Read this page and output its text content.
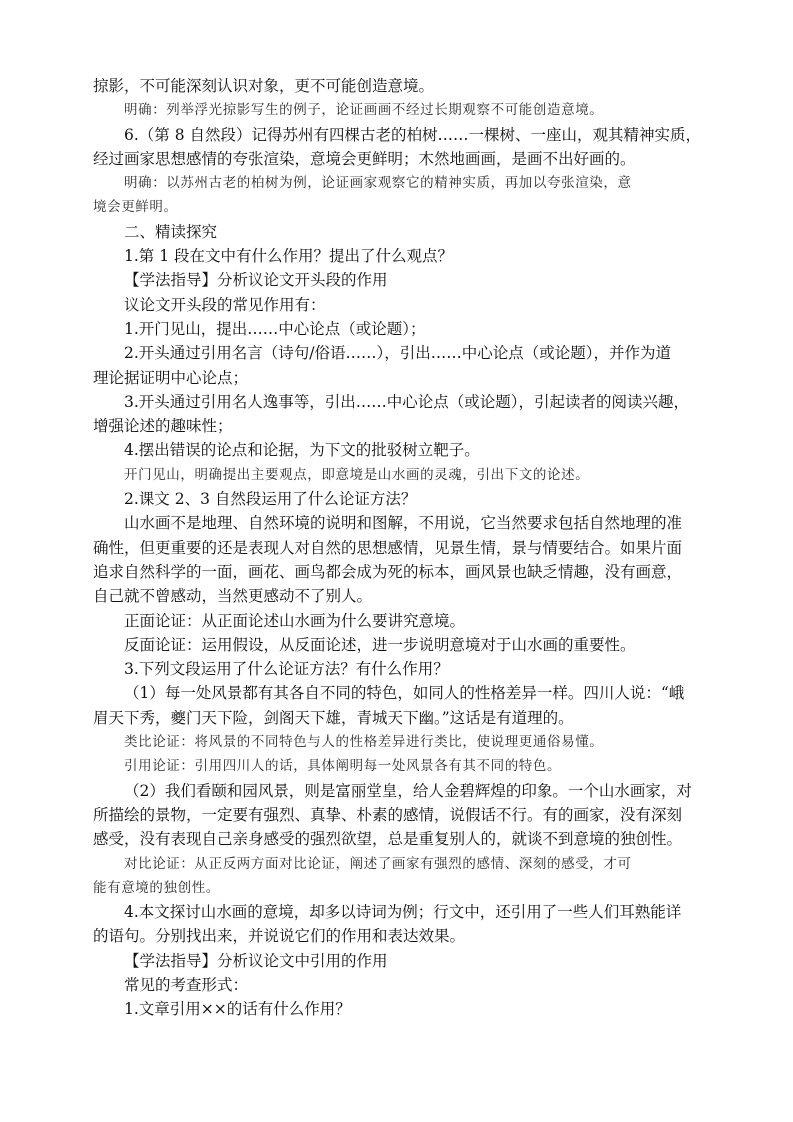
掠影，不可能深刻认识对象，更不可能创造意境。
明确：列举浮光掠影写生的例子，论证画画不经过长期观察不可能创造意境。
6.（第 8 自然段）记得苏州有四棵古老的柏树……一棵树、一座山，观其精神实质，
经过画家思想感情的夸张渲染，意境会更鲜明；木然地画画，是画不出好画的。
明确：以苏州古老的柏树为例，论证画家观察它的精神实质，再加以夸张渲染，意
境会更鲜明。
二、精读探究
1.第 1 段在文中有什么作用？提出了什么观点？
【学法指导】分析议论文开头段的作用
议论文开头段的常见作用有：
1.开门见山，提出……中心论点（或论题）；
2.开头通过引用名言（诗句/俗语……），引出……中心论点（或论题），并作为道
理论据证明中心论点；
3.开头通过引用名人逸事等，引出……中心论点（或论题），引起读者的阅读兴趣，
增强论述的趣味性；
4.摆出错误的论点和论据，为下文的批驳树立靶子。
开门见山，明确提出主要观点，即意境是山水画的灵魂，引出下文的论述。
2.课文 2、3 自然段运用了什么论证方法？
山水画不是地理、自然环境的说明和图解，不用说，它当然要求包括自然地理的准
确性，但更重要的还是表现人对自然的思想感情，见景生情，景与情要结合。如果片面
追求自然科学的一面，画花、画鸟都会成为死的标本，画风景也缺乏情趣，没有画意，
自己就不曾感动，当然更感动不了别人。
正面论证：从正面论述山水画为什么要讲究意境。
反面论证：运用假设，从反面论述，进一步说明意境对于山水画的重要性。
3.下列文段运用了什么论证方法？有什么作用？
（1）每一处风景都有其各自不同的特色，如同人的性格差异一样。四川人说：“峨
眉天下秀，夔门天下险，剑阁天下雄，青城天下幽。”这话是有道理的。
类比论证：将风景的不同特色与人的性格差异进行类比，使说理更通俗易懂。
引用论证：引用四川人的话，具体阐明每一处风景各有其不同的特色。
（2）我们看颐和园风景，则是富丽堂皇，给人金碧辉煌的印象。一个山水画家，对
所描绘的景物，一定要有强烈、真挚、朴素的感情，说假话不行。有的画家，没有深刻
感受，没有表现自己亲身感受的强烈欲望，总是重复别人的，就谈不到意境的独创性。
对比论证：从正反两方面对比论证，阐述了画家有强烈的感情、深刻的感受，才可
能有意境的独创性。
4.本文探讨山水画的意境，却多以诗词为例；行文中，还引用了一些人们耳熟能详
的语句。分别找出来，并说说它们的作用和表达效果。
【学法指导】分析议论文中引用的作用
常见的考查形式：
1.文章引用××的话有什么作用？
